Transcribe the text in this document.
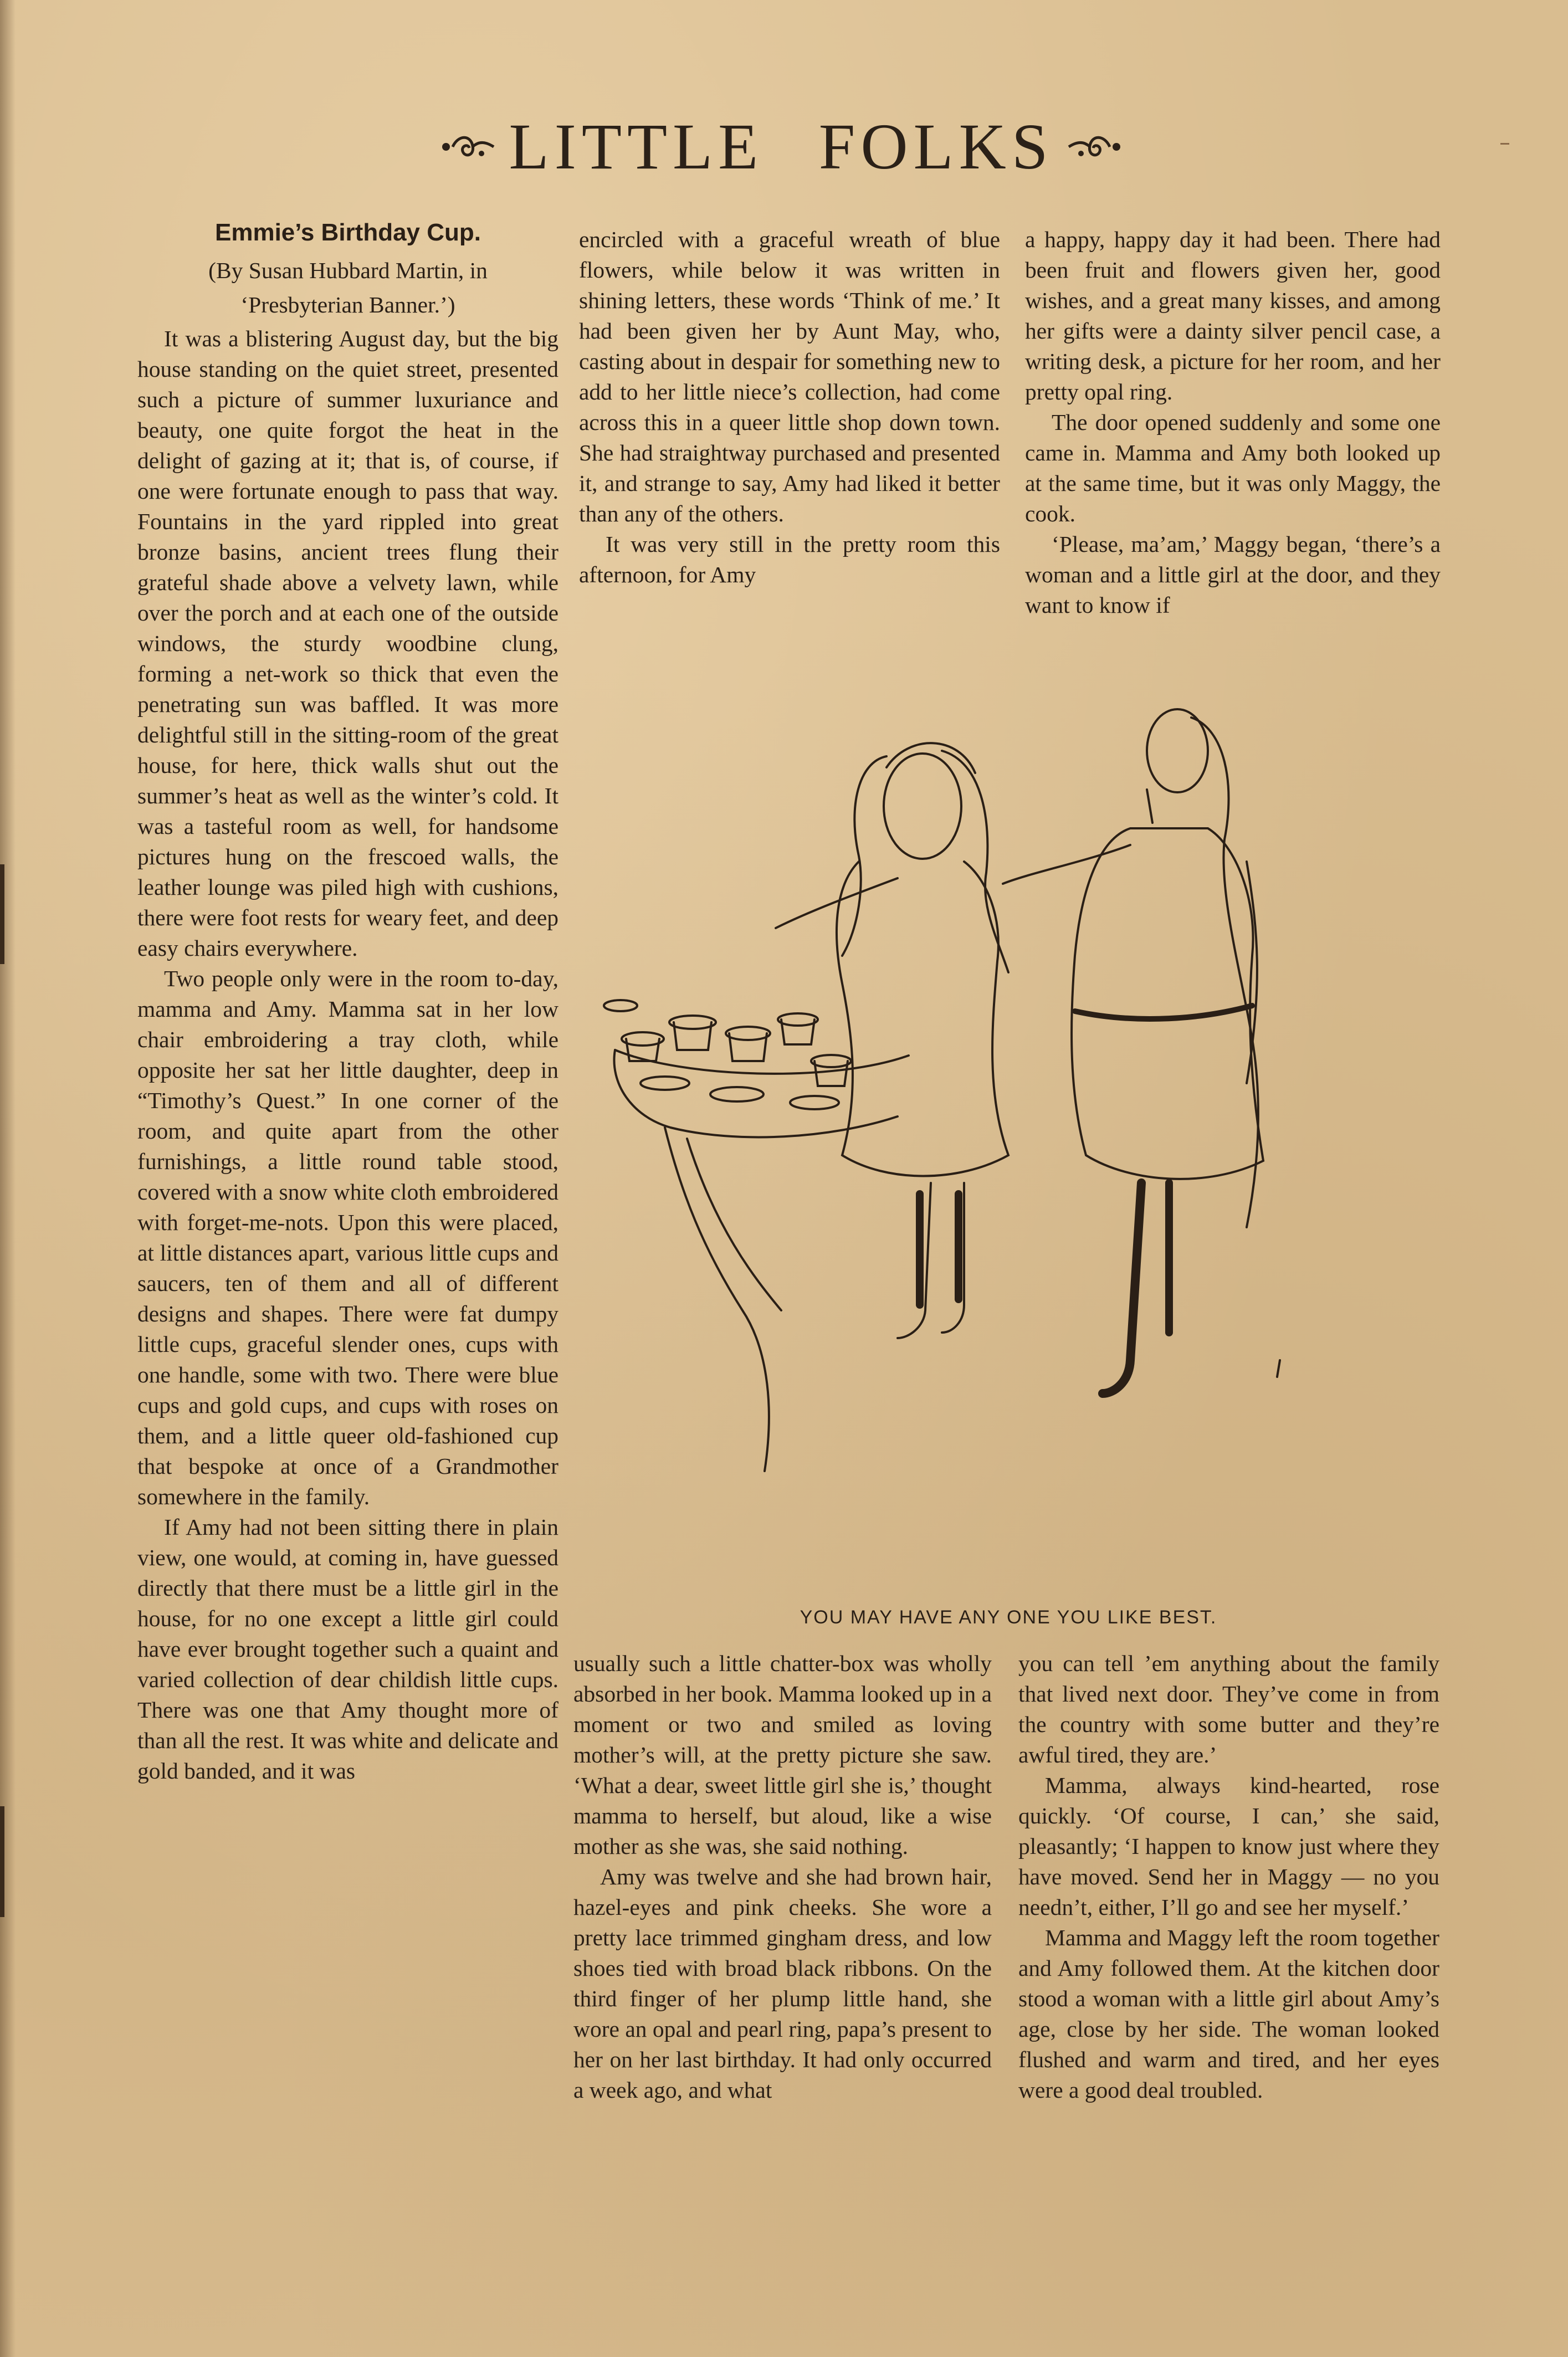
LITTLE FOLKS
Emmie’s Birthday Cup.
(By Susan Hubbard Martin, in
‘Presbyterian Banner.’)

It was a blistering August day, but the big house standing on the quiet street, presented such a picture of summer luxuriance and beauty, one quite forgot the heat in the delight of gazing at it; that is, of course, if one were fortunate enough to pass that way. Fountains in the yard rippled into great bronze basins, ancient trees flung their grateful shade above a velvety lawn, while over the porch and at each one of the outside windows, the sturdy woodbine clung, forming a net-work so thick that even the penetrating sun was baffled. It was more delightful still in the sitting-room of the great house, for here, thick walls shut out the summer’s heat as well as the winter’s cold. It was a tasteful room as well, for handsome pictures hung on the frescoed walls, the leather lounge was piled high with cushions, there were foot rests for weary feet, and deep easy chairs everywhere.

Two people only were in the room to-day, mamma and Amy. Mamma sat in her low chair embroidering a tray cloth, while opposite her sat her little daughter, deep in “Timothy’s Quest.” In one corner of the room, and quite apart from the other furnishings, a little round table stood, covered with a snow white cloth embroidered with forget-me-nots. Upon this were placed, at little distances apart, various little cups and saucers, ten of them and all of different designs and shapes. There were fat dumpy little cups, graceful slender ones, cups with one handle, some with two. There were blue cups and gold cups, and cups with roses on them, and a little queer old-fashioned cup that bespoke at once of a Grandmother somewhere in the family.

If Amy had not been sitting there in plain view, one would, at coming in, have guessed directly that there must be a little girl in the house, for no one except a little girl could have ever brought together such a quaint and varied collection of dear childish little cups. There was one that Amy thought more of than all the rest. It was white and delicate and gold banded, and it was

encircled with a graceful wreath of blue flowers, while below it was written in shining letters, these words ‘Think of me.’ It had been given her by Aunt May, who, casting about in despair for something new to add to her little niece’s collection, had come across this in a queer little shop down town. She had straightway purchased and presented it, and strange to say, Amy had liked it better than any of the others.

It was very still in the pretty room this afternoon, for Amy

a happy, happy day it had been. There had been fruit and flowers given her, good wishes, and a great many kisses, and among her gifts were a dainty silver pencil case, a writing desk, a picture for her room, and her pretty opal ring.

The door opened suddenly and some one came in. Mamma and Amy both looked up at the same time, but it was only Maggy, the cook.

‘Please, ma’am,’ Maggy began, ‘there’s a woman and a little girl at the door, and they want to know if

YOU MAY HAVE ANY ONE YOU LIKE BEST.

usually such a little chatter-box was wholly absorbed in her book. Mamma looked up in a moment or two and smiled as loving mother’s will, at the pretty picture she saw. ‘What a dear, sweet little girl she is,’ thought mamma to herself, but aloud, like a wise mother as she was, she said nothing.

Amy was twelve and she had brown hair, hazel-eyes and pink cheeks. She wore a pretty lace trimmed gingham dress, and low shoes tied with broad black ribbons. On the third finger of her plump little hand, she wore an opal and pearl ring, papa’s present to her on her last birthday. It had only occurred a week ago, and what

you can tell ’em anything about the family that lived next door. They’ve come in from the country with some butter and they’re awful tired, they are.’

Mamma, always kind-hearted, rose quickly. ‘Of course, I can,’ she said, pleasantly; ‘I happen to know just where they have moved. Send her in Maggy — no you needn’t, either, I’ll go and see her myself.’

Mamma and Maggy left the room together and Amy followed them. At the kitchen door stood a woman with a little girl about Amy’s age, close by her side. The woman looked flushed and warm and tired, and her eyes were a good deal troubled.
